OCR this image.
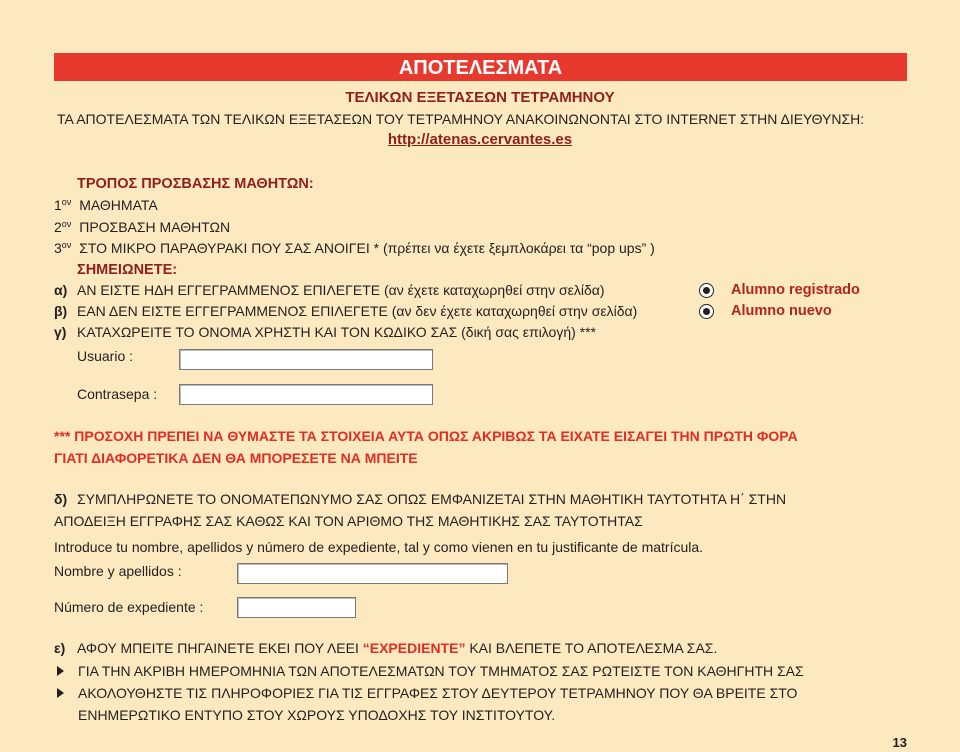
ΑΠΟΤΕΛΕΣΜΑΤΑ
ΤΕΛΙΚΩΝ ΕΞΕΤΑΣΕΩΝ ΤΕΤΡΑΜΗΝΟΥ
ΤΑ ΑΠΟΤΕΛΕΣΜΑΤΑ ΤΩΝ ΤΕΛΙΚΩΝ ΕΞΕΤΑΣΕΩΝ ΤΟΥ ΤΕΤΡΑΜΗΝΟΥ ΑΝΑΚΟΙΝΩΝΟΝΤΑΙ ΣΤΟ ΙΝΤΕRΝΕΤ ΣΤΗΝ ΔΙΕΥΘΥΝΣΗ:
http://atenas.cervantes.es
ΤΡΟΠΟΣ ΠΡΟΣΒΑΣΗΣ ΜΑΘΗΤΩΝ:
$1^{o\nu}$ ΜΑΘΗΜΑΤΑ
$2^{o\nu}$ ΠΡΟΣΒΑΣΗ ΜΑΘΗΤΩΝ
$3^{o\nu}$ ΣΤΟ ΜΙΚΡΟ ΠΑΡΑΘΥΡΑΚΙ ΠΟΥ ΣΑΣ ΑΝΟΙΓΕΙ * (πρέπει να έχετε ξεμπλοκάρει τα “pop ups” )
ΣΗΜΕΙΩΝΕΤΕ:
α) ΑΝ ΕΙΣΤΕ ΗΔΗ ΕΓΓΕΓΡΑΜΜΕΝΟΣ ΕΠΙΛΕΓΕΤΕ (αν έχετε καταχωρηθεί στην σελίδα)	Alumno registrado
β) ΕΑΝ ΔΕΝ ΕΙΣΤΕ ΕΓΓΕΓΡΑΜΜΕΝΟΣ ΕΠΙΛΕΓΕΤΕ (αν δεν έχετε καταχωρηθεί στην σελίδα)	Alumno nuevo
γ) ΚΑΤΑΧΩΡΕΙΤΕ ΤΟ ΟΝΟΜΑ ΧΡΗΣΤΗ ΚΑΙ ΤΟΝ ΚΩΔΙΚΟ ΣΑΣ (δική σας επιλογή) ***
Usuario :
Contrasepa :
*** ΠΡΟΣΟΧΗ ΠΡΕΠΕΙ ΝΑ ΘΥΜΑΣΤΕ ΤΑ ΣΤΟΙΧΕΙΑ ΑΥΤΑ ΟΠΩΣ ΑΚΡΙΒΩΣ ΤΑ ΕΙΧΑΤΕ ΕΙΣΑΓΕΙ ΤΗΝ ΠΡΩΤΗ ΦΟΡΑ
ΓΙΑΤΙ ΔΙΑΦΟΡΕΤΙΚΑ ΔΕΝ ΘΑ ΜΠΟΡΕΣΕΤΕ ΝΑ ΜΠΕΙΤΕ
δ) ΣΥΜΠΛΗΡΩΝΕΤΕ ΤΟ ΟΝΟΜΑΤΕΠΩΝΥΜΟ ΣΑΣ ΟΠΩΣ ΕΜΦΑΝΙΖΕΤΑΙ ΣΤΗΝ ΜΑΘΗΤΙΚΗ ΤΑΥΤΟΤΗΤΑ Η΄ ΣΤΗΝ
ΑΠΟΔΕΙΞΗ ΕΓΓΡΑΦΗΣ ΣΑΣ ΚΑΘΩΣ ΚΑΙ ΤΟΝ ΑΡΙΘΜΟ ΤΗΣ ΜΑΘΗΤΙΚΗΣ ΣΑΣ ΤΑΥΤΟΤΗΤΑΣ
Introduce tu nombre, apellidos y número de expediente, tal y como vienen en tu justificante de matrícula.
Nombre y apellidos :
Número de expediente :
ε) ΑΦΟΥ ΜΠΕΙΤΕ ΠΗΓΑΙΝΕΤΕ ΕΚΕΙ ΠΟΥ ΛΕΕΙ “EXPEDIENTE” ΚΑΙ ΒΛΕΠΕΤΕ ΤΟ ΑΠΟΤΕΛΕΣΜΑ ΣΑΣ.
ΓΙΑ ΤΗΝ ΑΚΡΙΒΗ ΗΜΕΡΟΜΗΝΙΑ ΤΩΝ ΑΠΟΤΕΛΕΣΜΑΤΩΝ ΤΟΥ ΤΜΗΜΑΤΟΣ ΣΑΣ ΡΩΤΕΙΣΤΕ ΤΟΝ ΚΑΘΗΓΗΤΗ ΣΑΣ
ΑΚΟΛΟΥΘΗΣΤΕ ΤΙΣ ΠΛΗΡΟΦΟΡΙΕΣ ΓΙΑ ΤΙΣ ΕΓΓΡΑΦΕΣ ΣΤΟΥ ΔΕΥΤΕΡΟΥ ΤΕΤΡΑΜΗΝΟΥ ΠΟΥ ΘΑ ΒΡΕΙΤΕ ΣΤΟ
ΕΝΗΜΕΡΩΤΙΚΟ ΕΝΤΥΠΟ ΣΤΟΥ ΧΩΡΟΥΣ ΥΠΟΔΟΧΗΣ ΤΟΥ ΙΝΣΤΙΤΟΥΤΟΥ.
13
